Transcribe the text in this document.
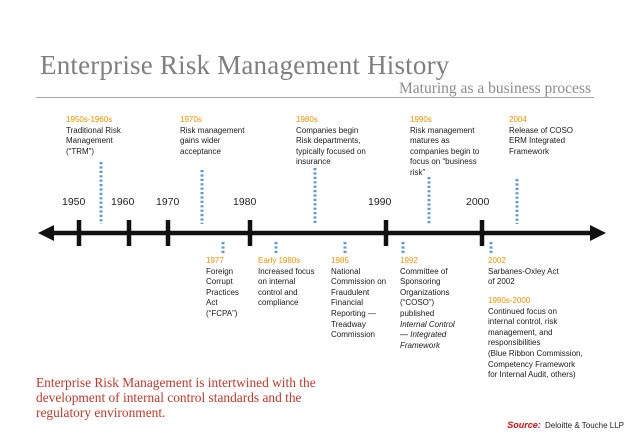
Enterprise Risk Management History
Maturing as a business process
1950 1960 1970	1980	1990	2000
1950s-1960s
Traditional Risk
Management
(“TRM”)
1970s
Risk management
gains wider
acceptance
1980s
Companies begin
Risk departments,
typically focused on
insurance
1990s
Risk management
matures as
companies begin to
focus on “business
risk”
2004
Release of COSO
ERM Integrated
Framework
1977
Foreign
Corrupt
Practices
Act
(“FCPA”)
Early 1980s
Increased focus
on internal
control and
compliance
1985
National
Commission on
Fraudulent
Financial
Reporting —
Treadway
Commission
1992
Committee of
Sponsoring
Organizations
(“COSO”)
published
Internal Control
— Integrated
Framework
2002
Sarbanes-Oxley Act
of 2002
1990s-2000
Continued focus on
internal control, risk
management, and
responsibilities
(Blue Ribbon Commission,
Competency Framework
for Internal Audit, others)
Enterprise Risk Management is intertwined with the
development of internal control standards and the
regulatory environment.
Source: Deloitte & Touche LLP
